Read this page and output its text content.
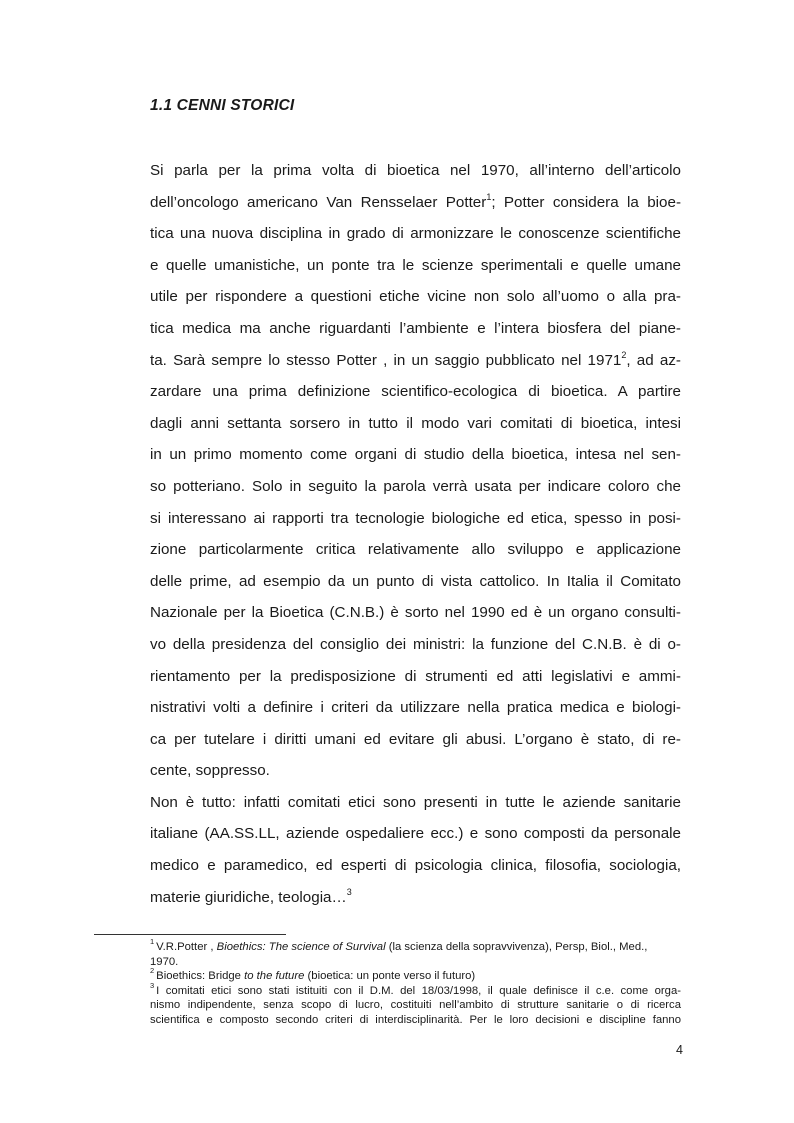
1.1 CENNI STORICI
Si parla per la prima volta di bioetica nel 1970, all’interno dell’articolo
dell’oncologo americano Van Rensselaer Potter$^1$; Potter considera la bioe-
tica una nuova disciplina in grado di armonizzare le conoscenze scientifiche
e quelle umanistiche, un ponte tra le scienze sperimentali e quelle umane
utile per rispondere a questioni etiche vicine non solo all’uomo o alla pra-
tica medica ma anche riguardanti l’ambiente e l’intera biosfera del piane-
ta. Sarà sempre lo stesso Potter , in un saggio pubblicato nel 1971$^2$, ad az-
zardare una prima definizione scientifico-ecologica di bioetica. A partire
dagli anni settanta sorsero in tutto il modo vari comitati di bioetica, intesi
in un primo momento come organi di studio della bioetica, intesa nel sen-
so potteriano. Solo in seguito la parola verrà usata per indicare coloro che
si interessano ai rapporti tra tecnologie biologiche ed etica, spesso in posi-
zione particolarmente critica relativamente allo sviluppo e applicazione
delle prime, ad esempio da un punto di vista cattolico. In Italia il Comitato
Nazionale per la Bioetica (C.N.B.) è sorto nel 1990 ed è un organo consulti-
vo della presidenza del consiglio dei ministri: la funzione del C.N.B. è di o-
rientamento per la predisposizione di strumenti ed atti legislativi e ammi-
nistrativi volti a definire i criteri da utilizzare nella pratica medica e biologi-
ca per tutelare i diritti umani ed evitare gli abusi. L’organo è stato, di re-
cente, soppresso.
Non è tutto: infatti comitati etici sono presenti in tutte le aziende sanitarie
italiane (AA.SS.LL, aziende ospedaliere ecc.) e sono composti da personale
medico e paramedico, ed esperti di psicologia clinica, filosofia, sociologia,
materie giuridiche, teologia…$^3$
$^1$ V.R.Potter , Bioethics: The science of Survival (la scienza della sopravvivenza), Persp, Biol., Med.,
1970.
$^2$ Bioethics: Bridge to the future (bioetica: un ponte verso il futuro)
$^3$ I comitati etici sono stati istituiti con il D.M. del 18/03/1998, il quale definisce il c.e. come orga-
nismo indipendente, senza scopo di lucro, costituiti nell’ambito di strutture sanitarie o di ricerca
scientifica e composto secondo criteri di interdisciplinarità. Per le loro decisioni e discipline fanno
4
